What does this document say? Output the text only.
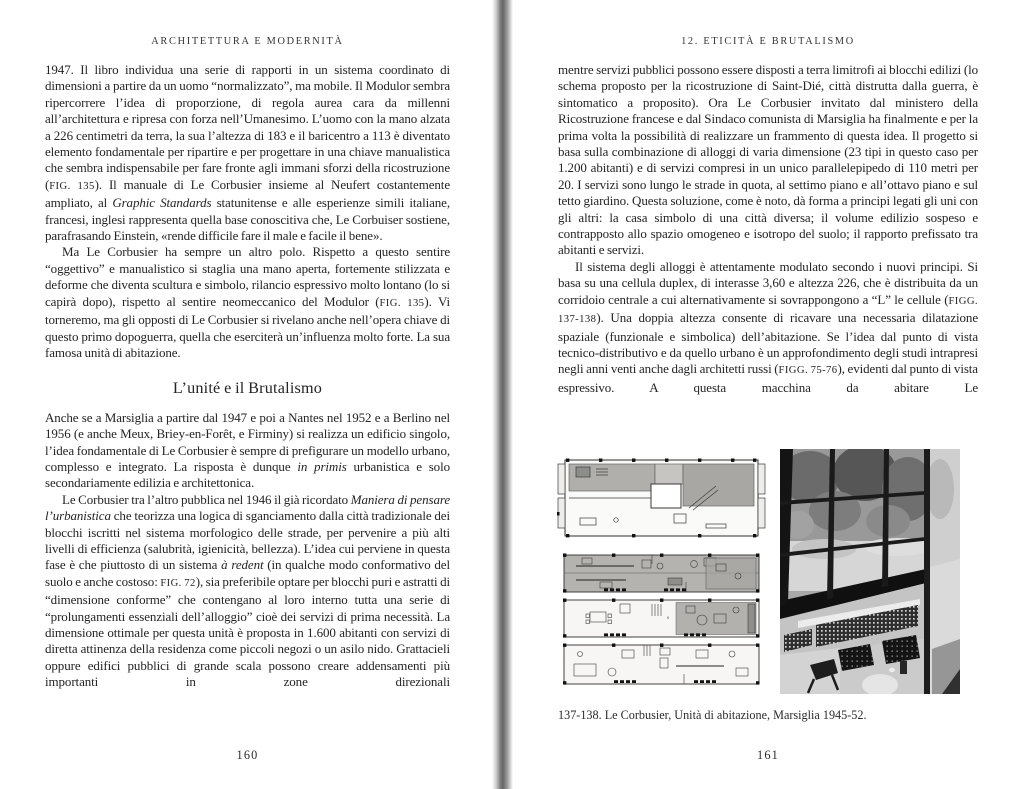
ARCHITETTURA E MODERNITÀ

1947. Il libro individua una serie di rapporti in un sistema coordinato di dimensioni a partire da un uomo “normalizzato”, ma mobile. Il Modulor sembra ripercorrere l’idea di proporzione, di regola aurea cara da millenni all’architettura e ripresa con forza nell’Umanesimo. L’uomo con la mano alzata a 226 centimetri da terra, la sua l’altezza di 183 e il baricentro a 113 è diventato elemento fondamentale per ripartire e per progettare in una chiave manualistica che sembra indispensabile per fare fronte agli immani sforzi della ricostruzione (FIG. 135). Il manuale di Le Corbusier insieme al Neufert costantemente ampliato, al Graphic Standards statunitense e alle esperienze simili italiane, francesi, inglesi rappresenta quella base conoscitiva che, Le Corbuiser sostiene, parafrasando Einstein, «rende difficile fare il male e facile il bene».

Ma Le Corbusier ha sempre un altro polo. Rispetto a questo sentire “oggettivo” e manualistico si staglia una mano aperta, fortemente stilizzata e deforme che diventa scultura e simbolo, rilancio espressivo molto lontano (lo si capirà dopo), rispetto al sentire neomeccanico del Modulor (FIG. 135). Vi torneremo, ma gli opposti di Le Corbusier si rivelano anche nell’opera chiave di questo primo dopoguerra, quella che eserciterà un’influenza molto forte. La sua famosa unità di abitazione.

L’unité e il Brutalismo

Anche se a Marsiglia a partire dal 1947 e poi a Nantes nel 1952 e a Berlino nel 1956 (e anche Meux, Briey-en-Forêt, e Firminy) si realizza un edificio singolo, l’idea fondamentale di Le Corbusier è sempre di prefigurare un modello urbano, complesso e integrato. La risposta è dunque in primis urbanistica e solo secondariamente edilizia e architettonica.

Le Corbusier tra l’altro pubblica nel 1946 il già ricordato Maniera di pensare l’urbanistica che teorizza una logica di sganciamento dalla città tradizionale dei blocchi iscritti nel sistema morfologico delle strade, per pervenire a più alti livelli di efficienza (salubrità, igienicità, bellezza). L’idea cui perviene in questa fase è che piuttosto di un sistema à redent (in qualche modo conformativo del suolo e anche costoso: FIG. 72), sia preferibile optare per blocchi puri e astratti di “dimensione conforme” che contengano al loro interno tutta una serie di “prolungamenti essenziali dell’alloggio” cioè dei servizi di prima necessità. La dimensione ottimale per questa unità è proposta in 1.600 abitanti con servizi di diretta attinenza della residenza come piccoli negozi o un asilo nido. Grattacieli oppure edifici pubblici di grande scala possono creare addensamenti più importanti in zone direzionali

160
12. ETICITÀ E BRUTALISMO

mentre servizi pubblici possono essere disposti a terra limitrofi ai blocchi edilizi (lo schema proposto per la ricostruzione di Saint-Dié, città distrutta dalla guerra, è sintomatico a proposito). Ora Le Corbusier invitato dal ministero della Ricostruzione francese e dal Sindaco comunista di Marsiglia ha finalmente e per la prima volta la possibilità di realizzare un frammento di questa idea. Il progetto si basa sulla combinazione di alloggi di varia dimensione (23 tipi in questo caso per 1.200 abitanti) e di servizi compresi in un unico parallelepipedo di 110 metri per 20. I servizi sono lungo le strade in quota, al settimo piano e all’ottavo piano e sul tetto giardino. Questa soluzione, come è noto, dà forma a principi legati gli uni con gli altri: la casa simbolo di una città diversa; il volume edilizio sospeso e contrapposto allo spazio omogeneo e isotropo del suolo; il rapporto prefissato tra abitanti e servizi.

Il sistema degli alloggi è attentamente modulato secondo i nuovi principi. Si basa su una cellula duplex, di interasse 3,60 e altezza 226, che è distribuita da un corridoio centrale a cui alternativamente si sovrappongono a “L” le cellule (FIGG. 137-138). Una doppia altezza consente di ricavare una necessaria dilatazione spaziale (funzionale e simbolica) dell’abitazione. Se l’idea dal punto di vista tecnico-distributivo e da quello urbano è un approfondimento degli studi intrapresi negli anni venti anche dagli architetti russi (FIGG. 75-76), evidenti dal punto di vista espressivo. A questa macchina da abitare Le

s
137-138. Le Corbusier, Unità di abitazione, Marsiglia 1945-52.
161
